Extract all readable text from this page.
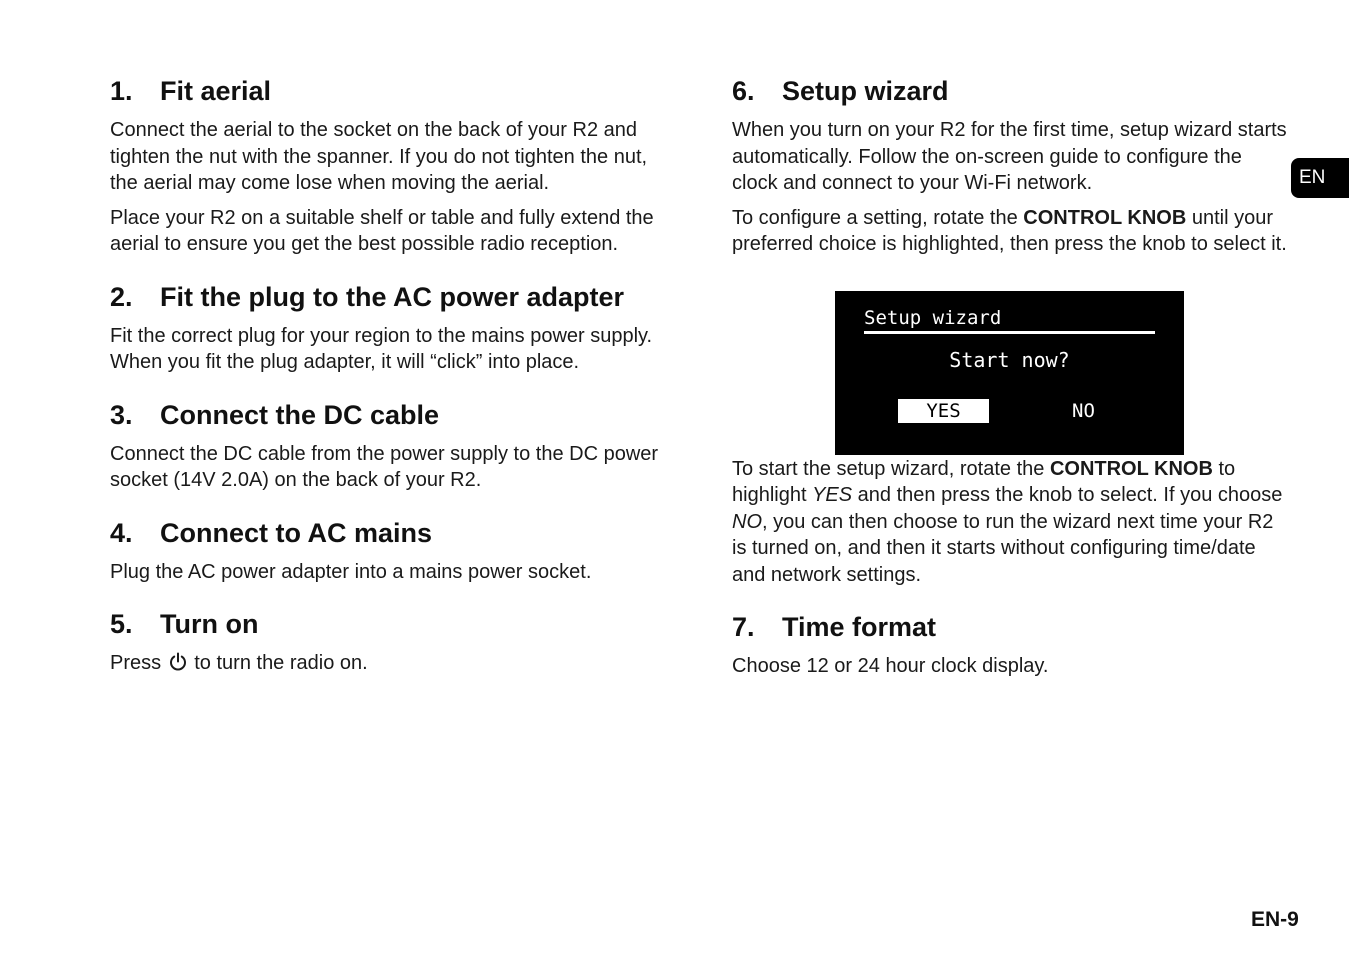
1. Fit aerial

Connect the aerial to the socket on the back of your R2 and tighten the nut with the spanner. If you do not tighten the nut, the aerial may come lose when moving the aerial.

Place your R2 on a suitable shelf or table and fully extend the aerial to ensure you get the best possible radio reception.

2. Fit the plug to the AC power adapter

Fit the correct plug for your region to the mains power supply. When you fit the plug adapter, it will “click” into place.

3. Connect the DC cable

Connect the DC cable from the power supply to the DC power socket (14V 2.0A) on the back of your R2.

4. Connect to AC mains

Plug the AC power adapter into a mains power socket.

5. Turn on

Press to turn the radio on.

6. Setup wizard

When you turn on your R2 for the first time, setup wizard starts automatically. Follow the on-screen guide to configure the clock and connect to your Wi-Fi network.

To configure a setting, rotate the CONTROL KNOB until your preferred choice is highlighted, then press the knob to select it.

To start the setup wizard, rotate the CONTROL KNOB to highlight YES and then press the knob to select. If you choose NO, you can then choose to run the wizard next time your R2 is turned on, and then it starts without configuring time/date and network settings.

7. Time format

Choose 12 or 24 hour clock display.

Setup wizard
Start now?
YES	NO
EN
EN-9
